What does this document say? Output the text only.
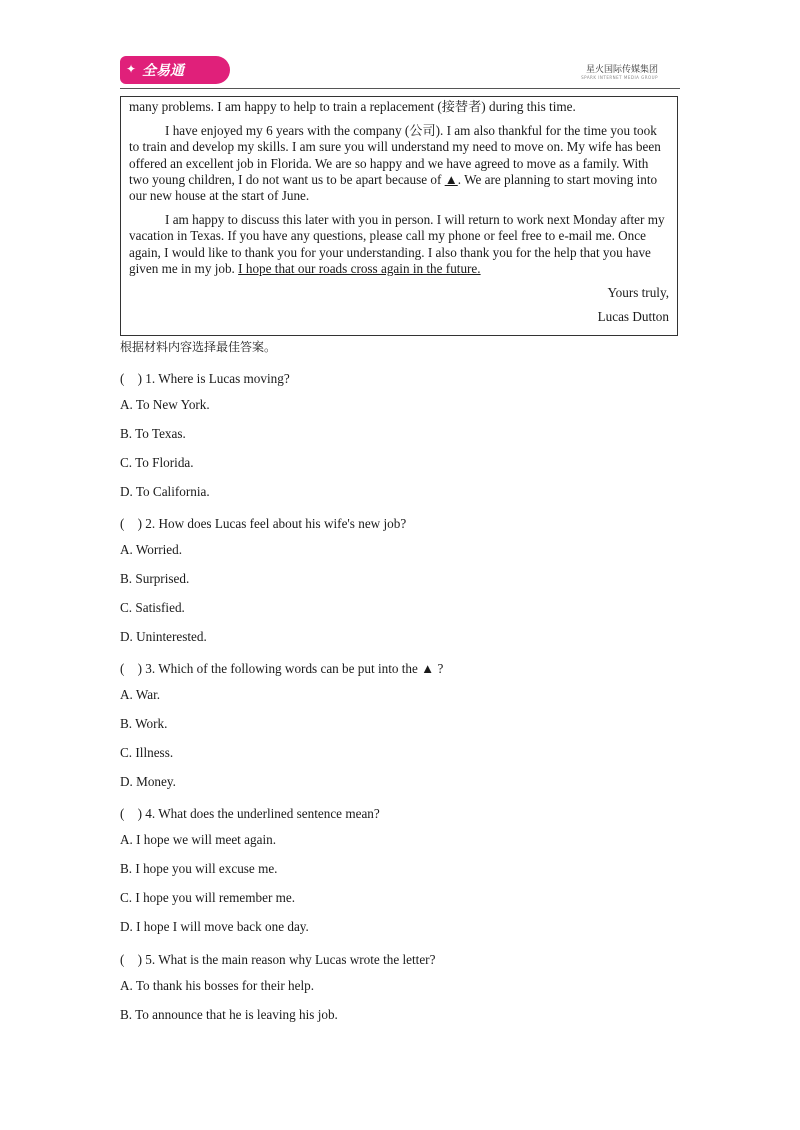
✦ 全易通	星火国际传媒集团
SPARK INTERNET MEDIA GROUP

many problems. I am happy to help to train a replacement (接替者) during this time.

I have enjoyed my 6 years with the company (公司). I am also thankful for the time you took to train and develop my skills. I am sure you will understand my need to move on. My wife has been offered an excellent job in Florida. We are so happy and we have agreed to move as a family. With two young children, I do not want us to be apart because of ▲. We are planning to start moving into our new house at the start of June.

I am happy to discuss this later with you in person. I will return to work next Monday after my vacation in Texas. If you have any questions, please call my phone or feel free to e-mail me. Once again, I would like to thank you for your understanding. I also thank you for the help that you have given me in my job. I hope that our roads cross again in the future.

Yours truly,

Lucas Dutton

根据材料内容选择最佳答案。
(　) 1. Where is Lucas moving?
A. To New York.
B. To Texas.
C. To Florida.
D. To California.
(　) 2. How does Lucas feel about his wife's new job?
A. Worried.
B. Surprised.
C. Satisfied.
D. Uninterested.
(　) 3. Which of the following words can be put into the ▲ ?
A. War.
B. Work.
C. Illness.
D. Money.
(　) 4. What does the underlined sentence mean?
A. I hope we will meet again.
B. I hope you will excuse me.
C. I hope you will remember me.
D. I hope I will move back one day.
(　) 5. What is the main reason why Lucas wrote the letter?
A. To thank his bosses for their help.
B. To announce that he is leaving his job.
